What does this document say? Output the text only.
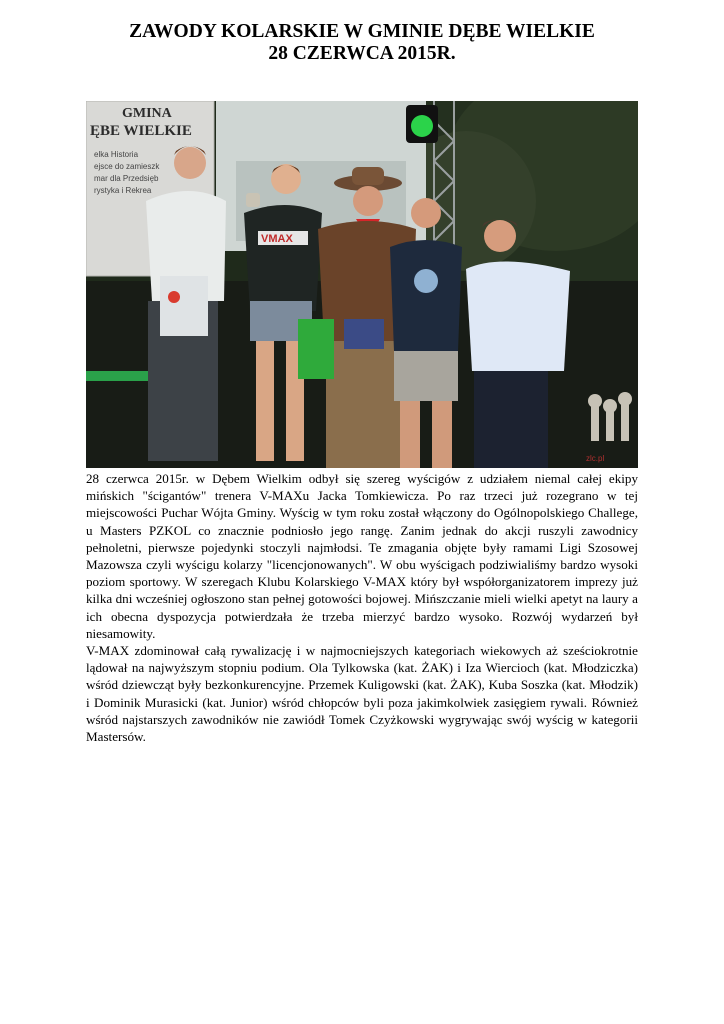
ZAWODY KOLARSKIE W GMINIE DĘBE WIELKIE
28 CZERWCA 2015R.
GMINA
ĘBE WIELKIE
elka Historia
ejsce do zamieszk
mar dla Przedsięb
rystyka i Rekrea
zlc.pl
VMAX

28 czerwca 2015r. w Dębem Wielkim odbył się szereg wyścigów z udziałem niemal całej ekipy mińskich "ścigantów" trenera V-MAXu Jacka Tomkiewicza. Po raz trzeci już rozegrano w tej miejscowości Puchar Wójta Gminy. Wyścig w tym roku został włączony do Ogólnopolskiego Challege, u Masters PZKOL co znacznie podniosło jego rangę. Zanim jednak do akcji ruszyli zawodnicy pełnoletni, pierwsze pojedynki stoczyli najmłodsi. Te zmagania objęte były ramami Ligi Szosowej Mazowsza czyli wyścigu kolarzy "licencjonowanych". W obu wyścigach podziwialiśmy bardzo wysoki poziom sportowy. W szeregach Klubu Kolarskiego V-MAX który był współorganizatorem imprezy już kilka dni wcześniej ogłoszono stan pełnej gotowości bojowej. Mińszczanie mieli wielki apetyt na laury a ich obecna dyspozycja potwierdzała że trzeba mierzyć bardzo wysoko. Rozwój wydarzeń był niesamowity.

V-MAX zdominował całą rywalizację i w najmocniejszych kategoriach wiekowych aż sześciokrotnie lądował na najwyższym stopniu podium. Ola Tylkowska (kat. ŻAK) i Iza Wiercioch (kat. Młodziczka) wśród dziewcząt były bezkonkurencyjne. Przemek Kuligowski (kat. ŻAK), Kuba Soszka (kat. Młodzik) i Dominik Murasicki (kat. Junior) wśród chłopców byli poza jakimkolwiek zasięgiem rywali. Również wśród najstarszych zawodników nie zawiódł Tomek Czyżkowski wygrywając swój wyścig w kategorii Mastersów.
